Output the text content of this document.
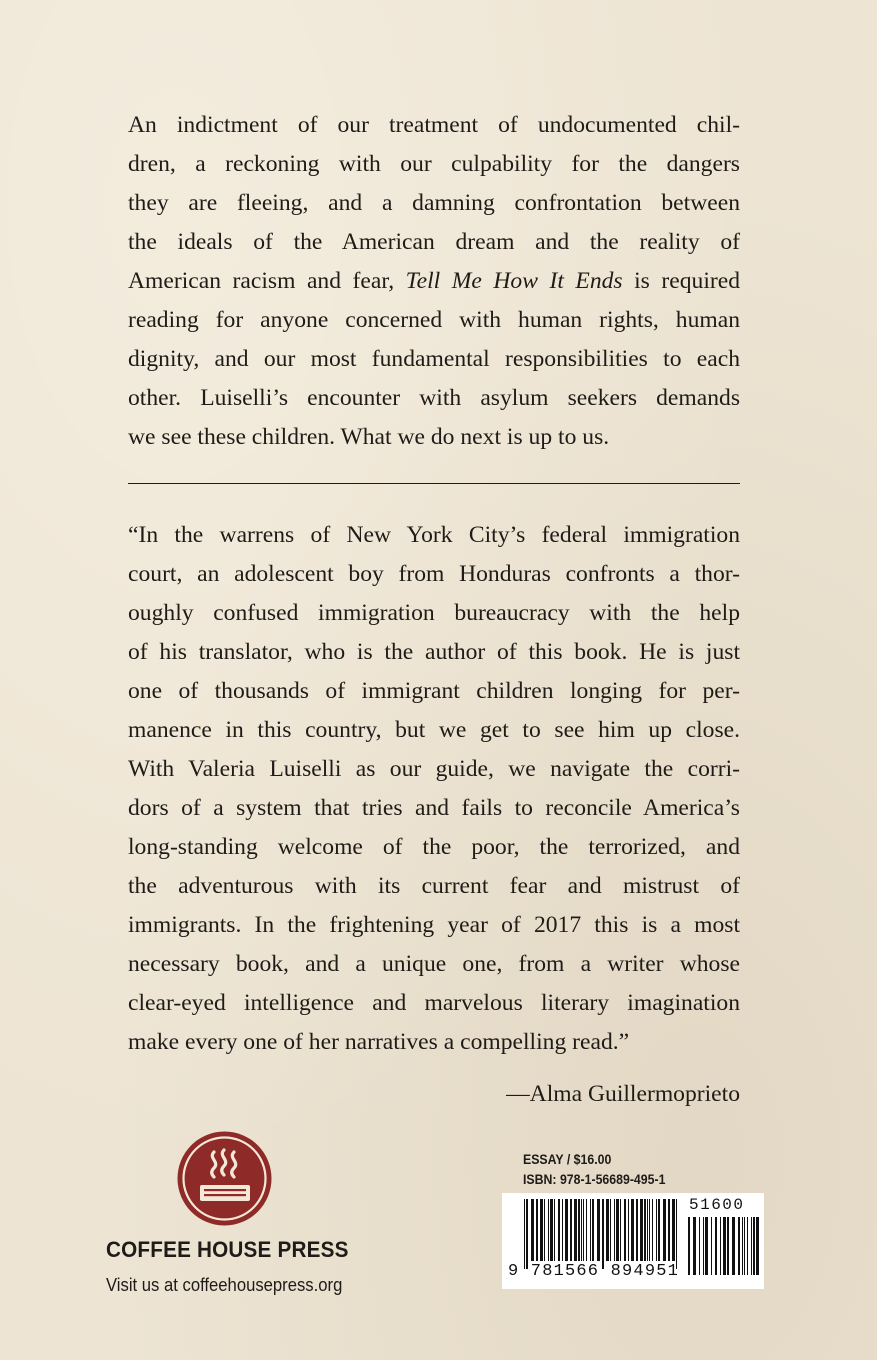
An indictment of our treatment of undocumented chil-
dren, a reckoning with our culpability for the dangers
they are fleeing, and a damning confrontation between
the ideals of the American dream and the reality of
American racism and fear, Tell Me How It Ends is required
reading for anyone concerned with human rights, human
dignity, and our most fundamental responsibilities to each
other. Luiselli’s encounter with asylum seekers demands
we see these children. What we do next is up to us.
“In the warrens of New York City’s federal immigration
court, an adolescent boy from Honduras confronts a thor-
oughly confused immigration bureaucracy with the help
of his translator, who is the author of this book. He is just
one of thousands of immigrant children longing for per-
manence in this country, but we get to see him up close.
With Valeria Luiselli as our guide, we navigate the corri-
dors of a system that tries and fails to reconcile America’s
long-standing welcome of the poor, the terrorized, and
the adventurous with its current fear and mistrust of
immigrants. In the frightening year of 2017 this is a most
necessary book, and a unique one, from a writer whose
clear-eyed intelligence and marvelous literary imagination
make every one of her narratives a compelling read.”
—Alma Guillermoprieto
COFFEE HOUSE PRESS
Visit us at coffeehousepress.org
ESSAY / $16.00
ISBN: 978-1-56689-495-1
9 781566 894951
51600
